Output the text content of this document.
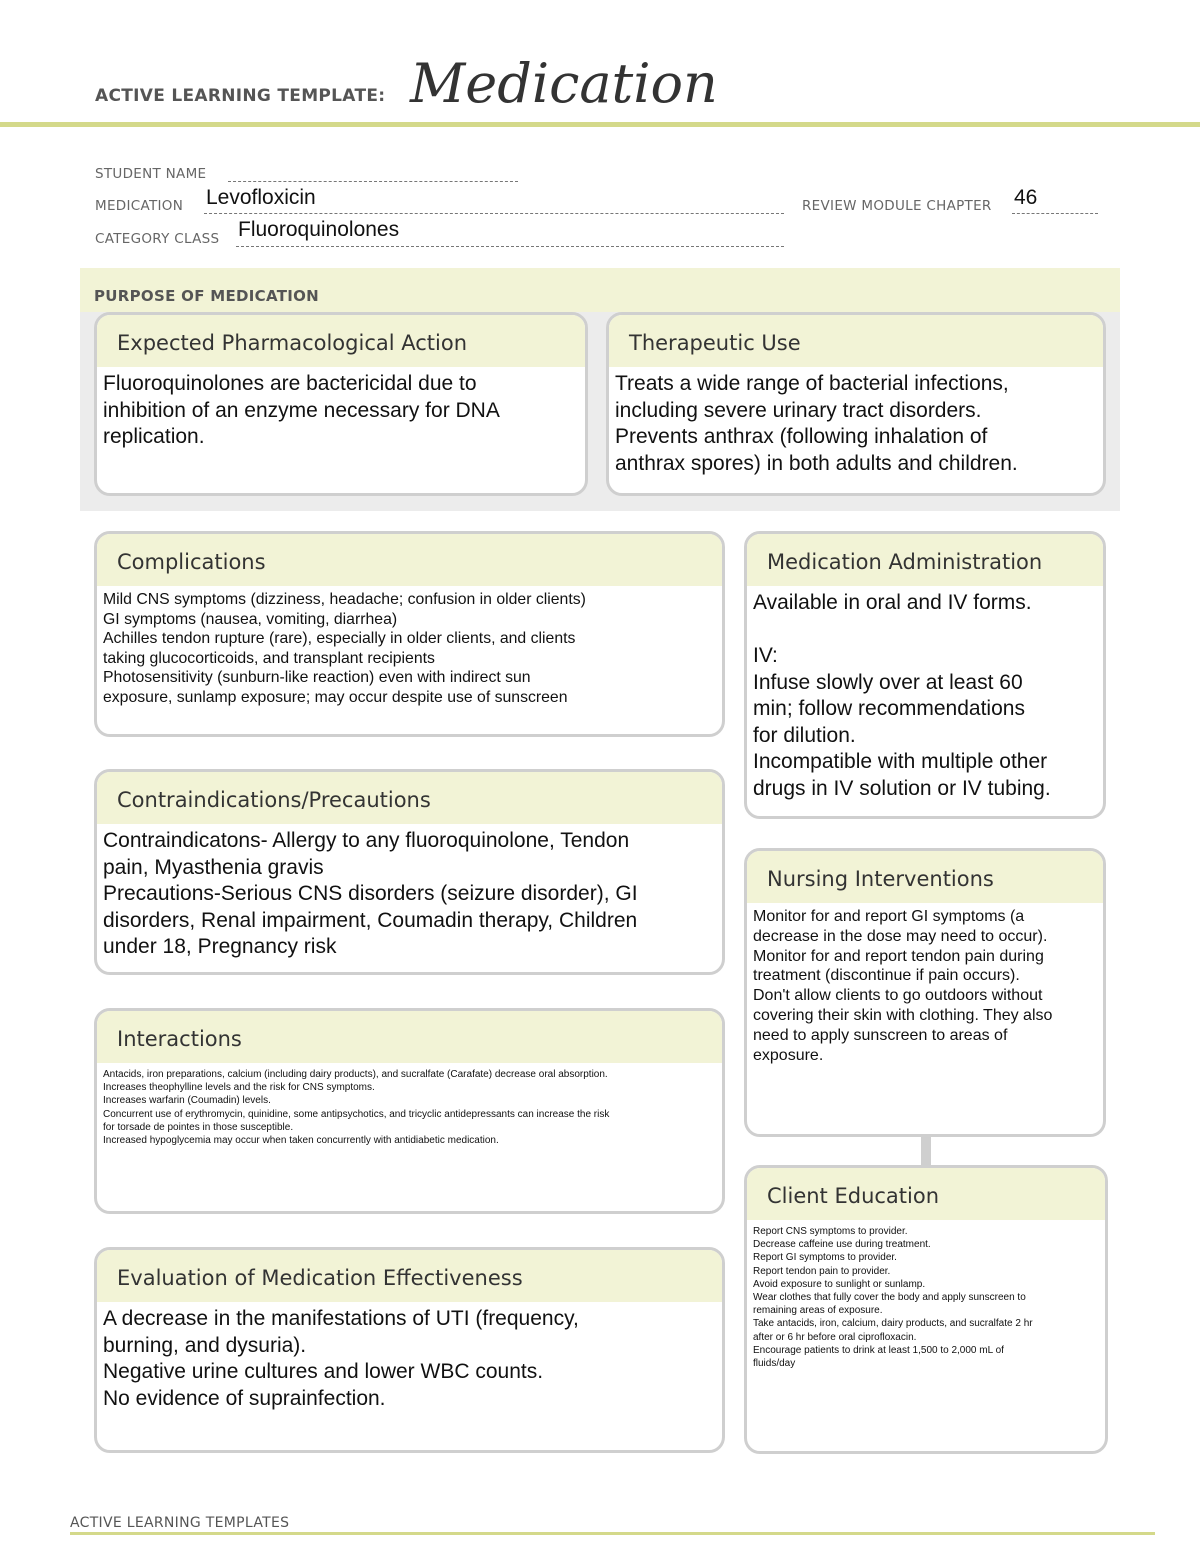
ACTIVE LEARNING TEMPLATE: Medication
STUDENT NAME
MEDICATION Levofloxicin	REVIEW MODULE CHAPTER 46
CATEGORY CLASS Fluoroquinolones
PURPOSE OF MEDICATION
Expected Pharmacological Action
Fluoroquinolones are bactericidal due to
inhibition of an enzyme necessary for DNA
replication.
Therapeutic Use
Treats a wide range of bacterial infections,
including severe urinary tract disorders.
Prevents anthrax (following inhalation of
anthrax spores) in both adults and children.
Complications
Mild CNS symptoms (dizziness, headache; confusion in older clients)
GI symptoms (nausea, vomiting, diarrhea)
Achilles tendon rupture (rare), especially in older clients, and clients
taking glucocorticoids, and transplant recipients
Photosensitivity (sunburn-like reaction) even with indirect sun
exposure, sunlamp exposure; may occur despite use of sunscreen
Medication Administration
Available in oral and IV forms.
IV:
Infuse slowly over at least 60
min; follow recommendations
for dilution.
Incompatible with multiple other
drugs in IV solution or IV tubing.
Contraindications/Precautions
Contraindicatons- Allergy to any fluoroquinolone, Tendon
pain, Myasthenia gravis
Precautions-Serious CNS disorders (seizure disorder), GI
disorders, Renal impairment, Coumadin therapy, Children
under 18, Pregnancy risk
Nursing Interventions
Monitor for and report GI symptoms (a
decrease in the dose may need to occur).
Monitor for and report tendon pain during
treatment (discontinue if pain occurs).
Don't allow clients to go outdoors without
covering their skin with clothing. They also
need to apply sunscreen to areas of
exposure.
Interactions
Antacids, iron preparations, calcium (including dairy products), and sucralfate (Carafate) decrease oral absorption.
Increases theophylline levels and the risk for CNS symptoms.
Increases warfarin (Coumadin) levels.
Concurrent use of erythromycin, quinidine, some antipsychotics, and tricyclic antidepressants can increase the risk
for torsade de pointes in those susceptible.
Increased hypoglycemia may occur when taken concurrently with antidiabetic medication.
Client Education
Report CNS symptoms to provider.
Decrease caffeine use during treatment.
Report GI symptoms to provider.
Report tendon pain to provider.
Avoid exposure to sunlight or sunlamp.
Wear clothes that fully cover the body and apply sunscreen to
remaining areas of exposure.
Take antacids, iron, calcium, dairy products, and sucralfate 2 hr
after or 6 hr before oral ciprofloxacin.
Encourage patients to drink at least 1,500 to 2,000 mL of
fluids/day
Evaluation of Medication Effectiveness
A decrease in the manifestations of UTI (frequency,
burning, and dysuria).
Negative urine cultures and lower WBC counts.
No evidence of suprainfection.
ACTIVE LEARNING TEMPLATES
